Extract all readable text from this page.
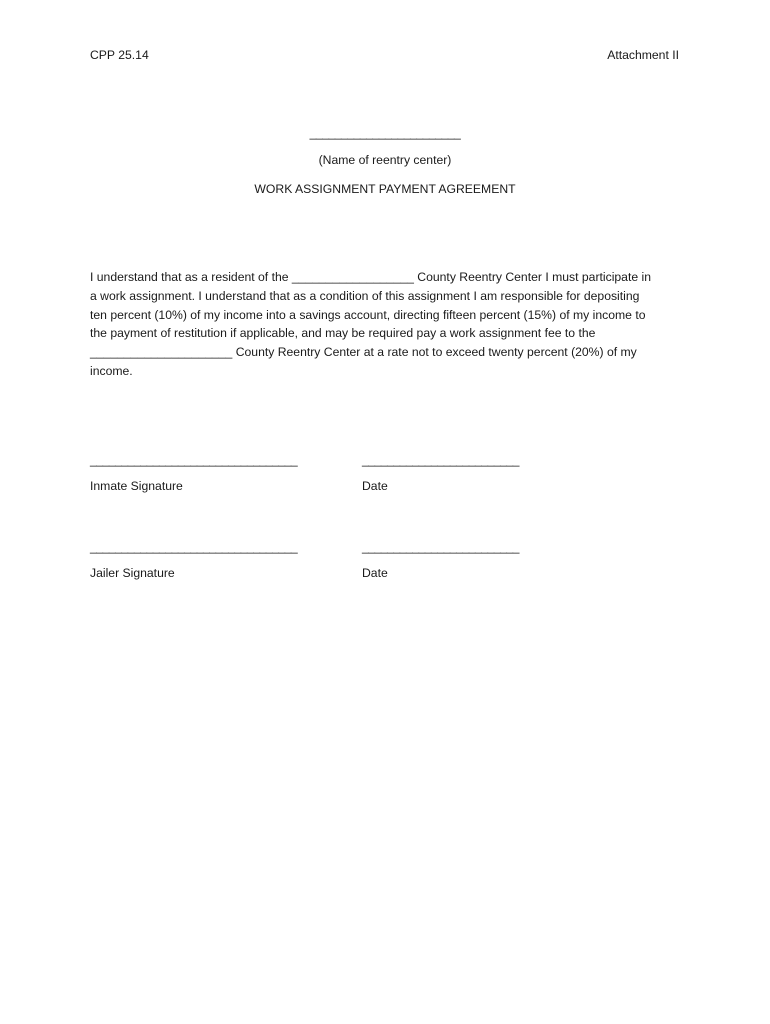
CPP 25.14	Attachment II
________________________
(Name of reentry center)
WORK ASSIGNMENT PAYMENT AGREEMENT
I understand that as a resident of the __________________ County Reentry Center I must participate in
a work assignment. I understand that as a condition of this assignment I am responsible for depositing
ten percent (10%) of my income into a savings account, directing fifteen percent (15%) of my income to
the payment of restitution if applicable, and may be required pay a work assignment fee to the
_____________________ County Reentry Center at a rate not to exceed twenty percent (20%) of my
income.
_________________________________	_________________________
Inmate Signature	Date
_________________________________	_________________________
Jailer Signature	Date
